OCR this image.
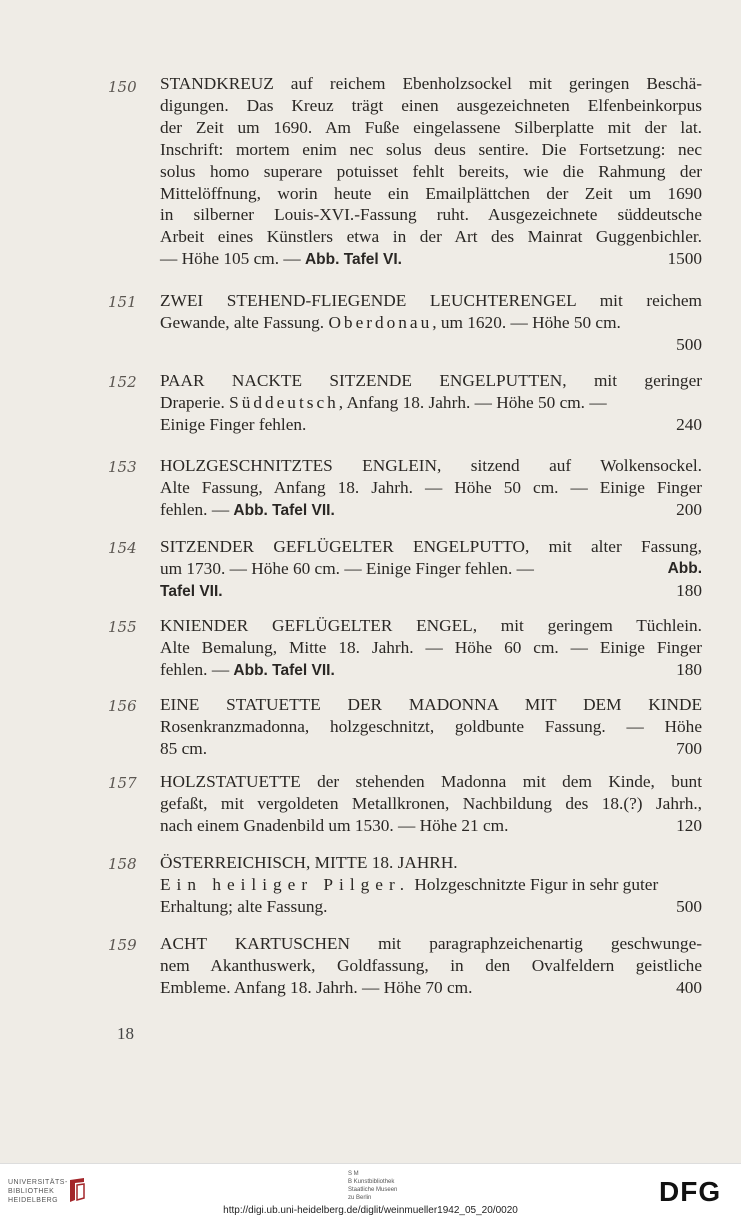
150 STANDKREUZ auf reichem Ebenholzsockel mit geringen Beschä-
digungen. Das Kreuz trägt einen ausgezeichneten Elfenbeinkorpus
der Zeit um 1690. Am Fuße eingelassene Silberplatte mit der lat.
Inschrift: mortem enim nec solus deus sentire. Die Fortsetzung: nec
solus homo superare potuisset fehlt bereits, wie die Rahmung der
Mittelöffnung, worin heute ein Emailplättchen der Zeit um 1690
in silberner Louis-XVI.-Fassung ruht. Ausgezeichnete süddeutsche
Arbeit eines Künstlers etwa in der Art des Mainrat Guggenbichler.
— Höhe 105 cm. — Abb. Tafel VI.	1500
151 ZWEI STEHEND-FLIEGENDE LEUCHTERENGEL mit reichem
Gewande, alte Fassung. Oberdonau, um 1620. — Höhe 50 cm.
500

152 PAAR NACKTE SITZENDE ENGELPUTTEN, mit geringer
Draperie. Süddeutsch, Anfang 18. Jahrh. — Höhe 50 cm. —
Einige Finger fehlen.	240
153 HOLZGESCHNITZTES ENGLEIN, sitzend auf Wolkensockel.
Alte Fassung, Anfang 18. Jahrh. — Höhe 50 cm. — Einige Finger
fehlen. — Abb. Tafel VII.	200
154 SITZENDER GEFLÜGELTER ENGELPUTTO, mit alter Fassung,
um 1730. — Höhe 60 cm. — Einige Finger fehlen. —	Abb.
Tafel VII.	180
155 KNIENDER GEFLÜGELTER ENGEL, mit geringem Tüchlein.
Alte Bemalung, Mitte 18. Jahrh. — Höhe 60 cm. — Einige Finger
fehlen. — Abb. Tafel VII.	180
156 EINE STATUETTE DER MADONNA MIT DEM KINDE
Rosenkranzmadonna, holzgeschnitzt, goldbunte Fassung. — Höhe
85 cm.	700
157 HOLZSTATUETTE der stehenden Madonna mit dem Kinde, bunt
gefaßt, mit vergoldeten Metallkronen, Nachbildung des 18.(?) Jahrh.,
nach einem Gnadenbild um 1530. — Höhe 21 cm.	120
158 ÖSTERREICHISCH, MITTE 18. JAHRH.
Ein heiliger Pilger. Holzgeschnitzte Figur in sehr guter
Erhaltung; alte Fassung.	500
159 ACHT KARTUSCHEN mit paragraphzeichenartig geschwunge-
nem Akanthuswerk, Goldfassung, in den Ovalfeldern geistliche
Embleme. Anfang 18. Jahrh. — Höhe 70 cm.	400
18
UNIVERSITÄTS-
BIBLIOTHEK
HEIDELBERG
S M
B Kunstbibliothek
Staatliche Museen
zu Berlin	DFG
http://digi.ub.uni-heidelberg.de/diglit/weinmueller1942_05_20/0020
